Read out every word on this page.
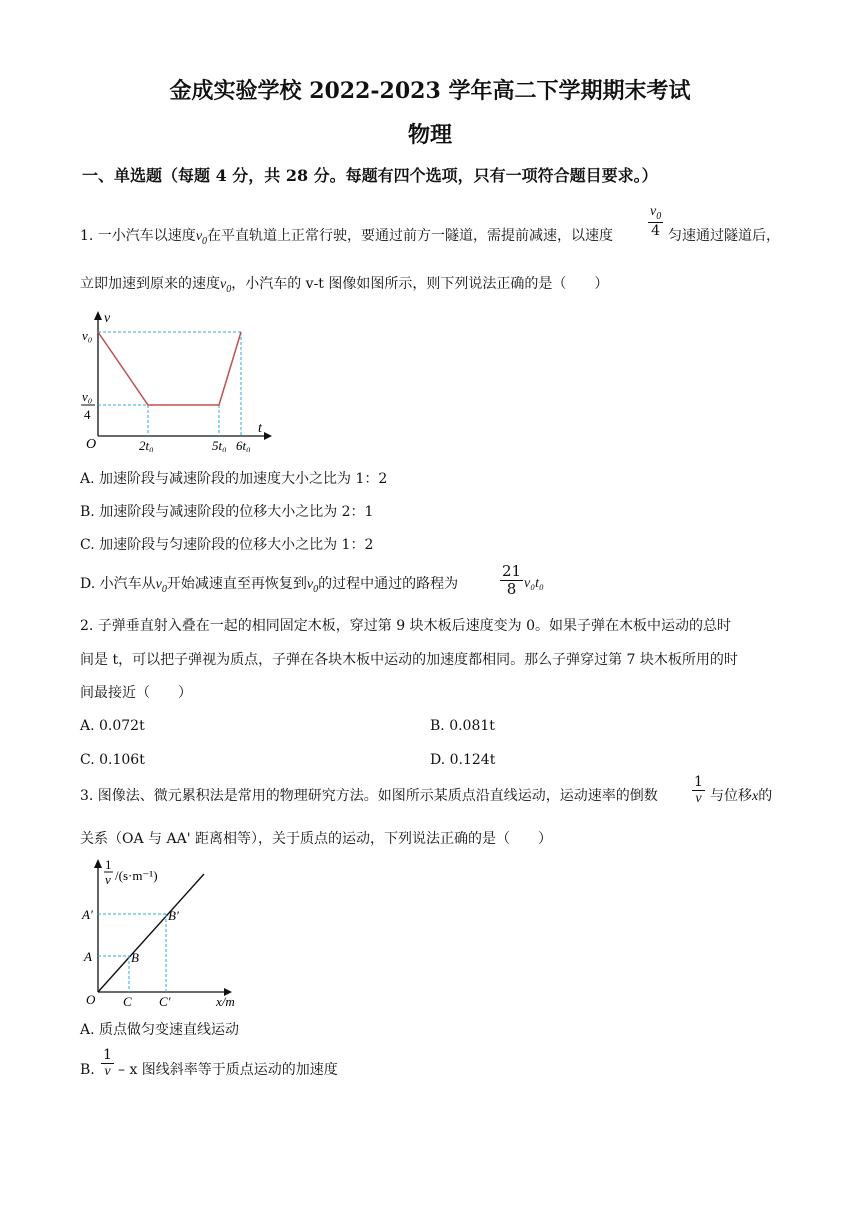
金成实验学校 2022-2023 学年高二下学期期末考试
物理
一、单选题（每题 4 分，共 28 分。每题有四个选项，只有一项符合题目要求。）
1. 一小汽车以速度$v_0$在平直轨道上正常行驶，要通过前方一隧道，需提前减速，以速度
$v_0$
4 匀速通过隧道后，
立即加速到原来的速度$v_0$，小汽车的 v-t 图像如图所示，则下列说法正确的是（　　）
v
t
v₀
v₀
4
O	2t₀	5t₀ 6t₀
A. 加速阶段与减速阶段的加速度大小之比为 1：2
B. 加速阶段与减速阶段的位移大小之比为 2：1
C. 加速阶段与匀速阶段的位移大小之比为 1：2
D. 小汽车从$v_0$开始减速直至再恢复到$v_0$的过程中通过的路程为
21
8 v₀t₀
2. 子弹垂直射入叠在一起的相同固定木板，穿过第 9 块木板后速度变为 0。如果子弹在木板中运动的总时
间是 t，可以把子弹视为质点，子弹在各块木板中运动的加速度都相同。那么子弹穿过第 7 块木板所用的时
间最接近（　　）
A. 0.072t	B. 0.081t
C. 0.106t	D. 0.124t
3. 图像法、微元累积法是常用的物理研究方法。如图所示某质点沿直线运动，运动速率的倒数
1
v 与位移x的
关系（OA 与 AA' 距离相等），关于质点的运动，下列说法正确的是（　　）
1
v /(s·m⁻¹)
A′
A
B′
B
O C C′	x/m
A. 质点做匀变速直线运动
B.
1
v – x 图线斜率等于质点运动的加速度
